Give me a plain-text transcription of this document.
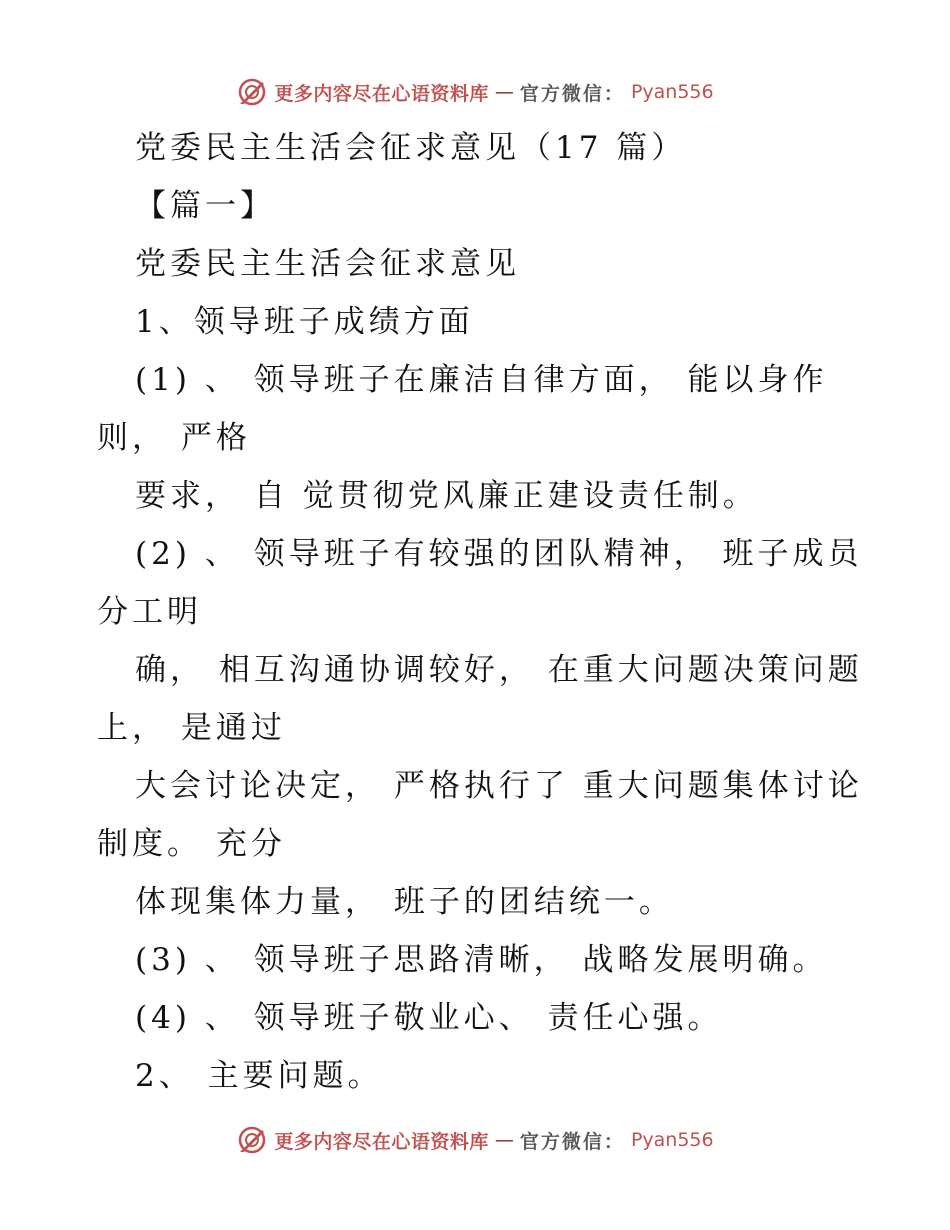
更多内容尽在心语资料库 — 官方微信： Pyan556
党委民主生活会征求意见（17 篇）
【篇一】
党委民主生活会征求意见
1、领导班子成绩方面
(1) 、 领导班子在廉洁自律方面， 能以身作
则， 严格
要求， 自 觉贯彻党风廉正建设责任制。
(2) 、 领导班子有较强的团队精神， 班子成员
分工明
确， 相互沟通协调较好， 在重大问题决策问题
上， 是通过
大会讨论决定， 严格执行了 重大问题集体讨论
制度。 充分
体现集体力量， 班子的团结统一。
(3) 、 领导班子思路清晰， 战略发展明确。
(4) 、 领导班子敬业心、 责任心强。
2、 主要问题。
更多内容尽在心语资料库 — 官方微信： Pyan556
